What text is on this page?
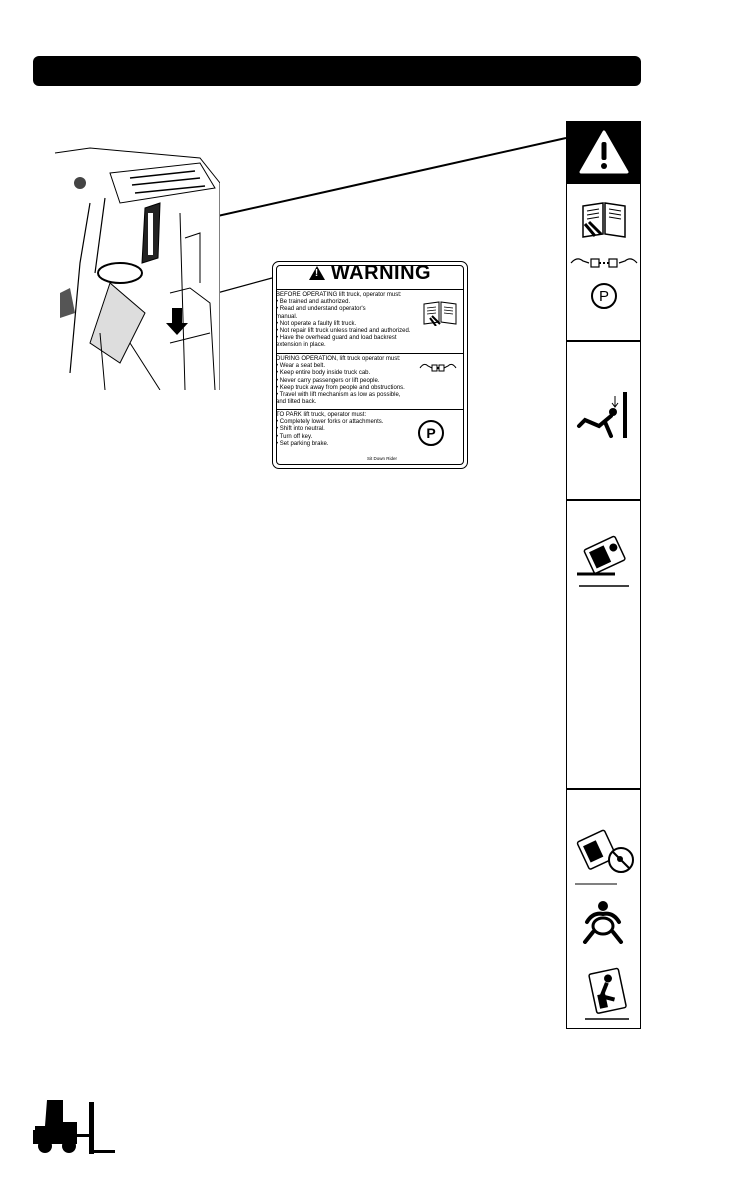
!
WARNING
BEFORE OPERATING lift truck, operator must:
• Be trained and authorized.
• Read and understand operator's
manual.
• Not operate a faulty lift truck.
• Not repair lift truck unless trained and authorized.
• Have the overhead guard and load backrest
extension in place.
DURING OPERATION, lift truck operator must:
• Wear a seat belt.
• Keep entire body inside truck cab.
• Never carry passengers or lift people.
• Keep truck away from people and obstructions.
• Travel with lift mechanism as low as possible,
and tilted back.
TO PARK lift truck, operator must:
• Completely lower forks or attachments.
• Shift into neutral.
• Turn off key.
• Set parking brake.
P
Sit Down Rider
P
